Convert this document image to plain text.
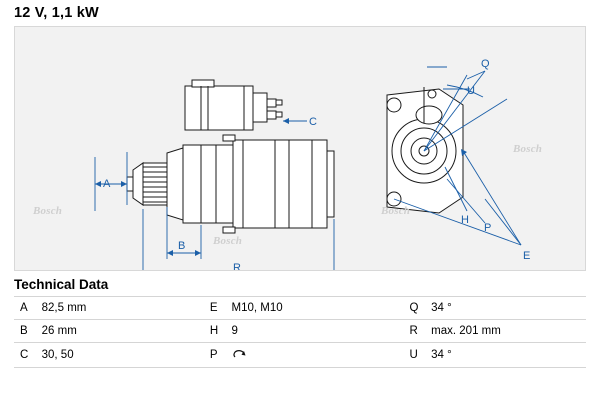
12 V, 1,1 kW
A
B
C
R
E
H
P
Q
U
Bosch
Bosch
Bosch
Bosch
Technical Data
A	82,5 mm		E	M10, M10		Q	34 °
B	26 mm		H	9		R	max. 201 mm
C	30, 50		P			U	34 °
